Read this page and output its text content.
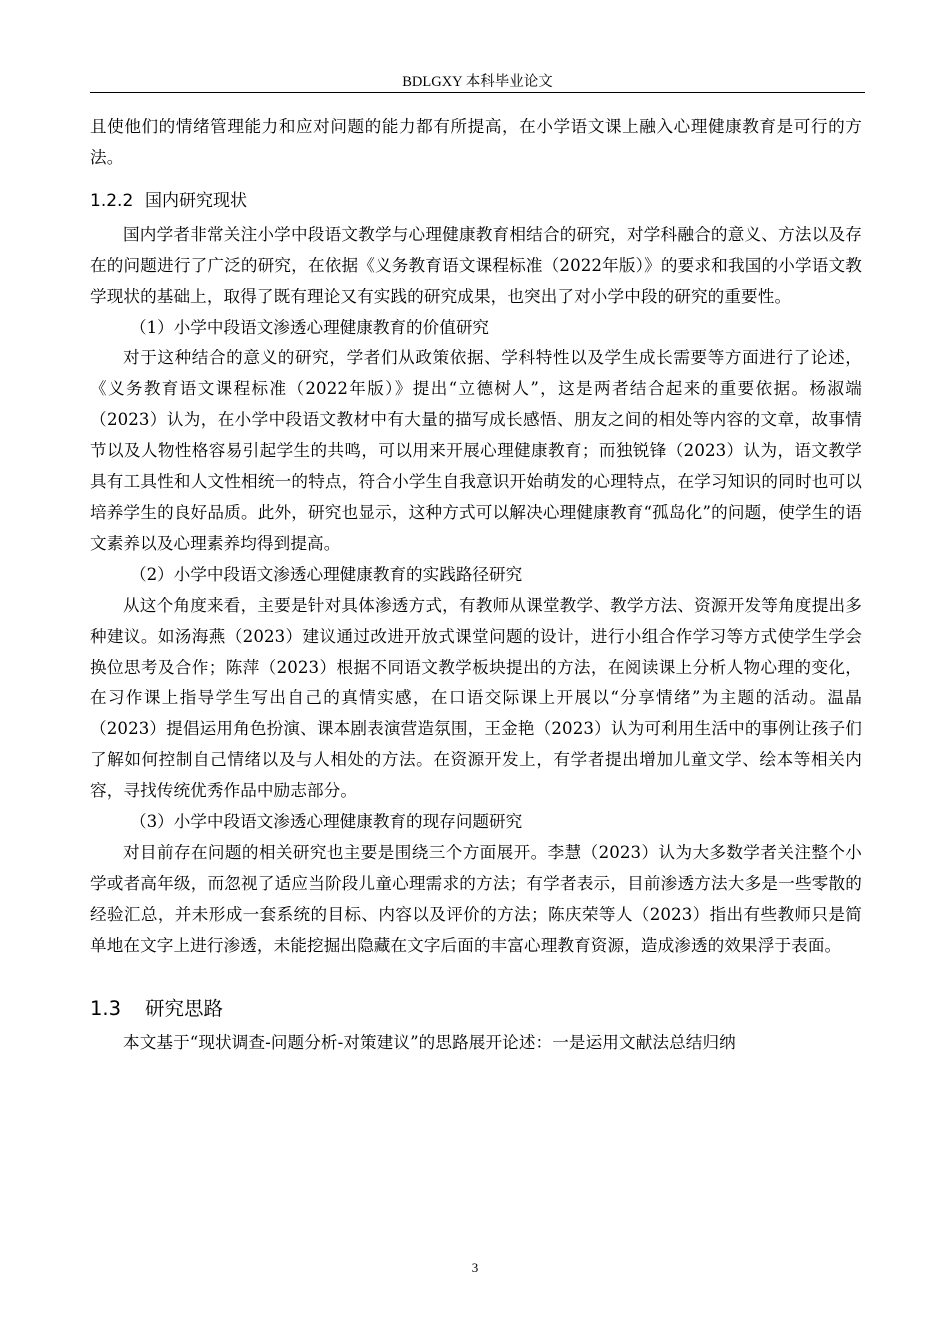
BDLGXY 本科毕业论文

且使他们的情绪管理能力和应对问题的能力都有所提高，在小学语文课上融入心理健康教育是可行的方法。

1.2.2 国内研究现状

国内学者非常关注小学中段语文教学与心理健康教育相结合的研究，对学科融合的意义、方法以及存在的问题进行了广泛的研究，在依据《义务教育语文课程标准（2022年版）》的要求和我国的小学语文教学现状的基础上，取得了既有理论又有实践的研究成果，也突出了对小学中段的研究的重要性。

（1）小学中段语文渗透心理健康教育的价值研究

对于这种结合的意义的研究，学者们从政策依据、学科特性以及学生成长需要等方面进行了论述，《义务教育语文课程标准（2022年版）》提出“立德树人”，这是两者结合起来的重要依据。杨淑端（2023）认为，在小学中段语文教材中有大量的描写成长感悟、朋友之间的相处等内容的文章，故事情节以及人物性格容易引起学生的共鸣，可以用来开展心理健康教育；而独锐锋（2023）认为，语文教学具有工具性和人文性相统一的特点，符合小学生自我意识开始萌发的心理特点，在学习知识的同时也可以培养学生的良好品质。此外，研究也显示，这种方式可以解决心理健康教育“孤岛化”的问题，使学生的语文素养以及心理素养均得到提高。

（2）小学中段语文渗透心理健康教育的实践路径研究

从这个角度来看，主要是针对具体渗透方式，有教师从课堂教学、教学方法、资源开发等角度提出多种建议。如汤海燕（2023）建议通过改进开放式课堂问题的设计，进行小组合作学习等方式使学生学会换位思考及合作；陈萍（2023）根据不同语文教学板块提出的方法，在阅读课上分析人物心理的变化，在习作课上指导学生写出自己的真情实感，在口语交际课上开展以“分享情绪”为主题的活动。温晶（2023）提倡运用角色扮演、课本剧表演营造氛围，王金艳（2023）认为可利用生活中的事例让孩子们了解如何控制自己情绪以及与人相处的方法。在资源开发上，有学者提出增加儿童文学、绘本等相关内容，寻找传统优秀作品中励志部分。

（3）小学中段语文渗透心理健康教育的现存问题研究

对目前存在问题的相关研究也主要是围绕三个方面展开。李慧（2023）认为大多数学者关注整个小学或者高年级，而忽视了适应当阶段儿童心理需求的方法；有学者表示，目前渗透方法大多是一些零散的经验汇总，并未形成一套系统的目标、内容以及评价的方法；陈庆荣等人（2023）指出有些教师只是简单地在文字上进行渗透，未能挖掘出隐藏在文字后面的丰富心理教育资源，造成渗透的效果浮于表面。

1.3 研究思路

本文基于“现状调查-问题分析-对策建议”的思路展开论述：一是运用文献法总结归纳

3
